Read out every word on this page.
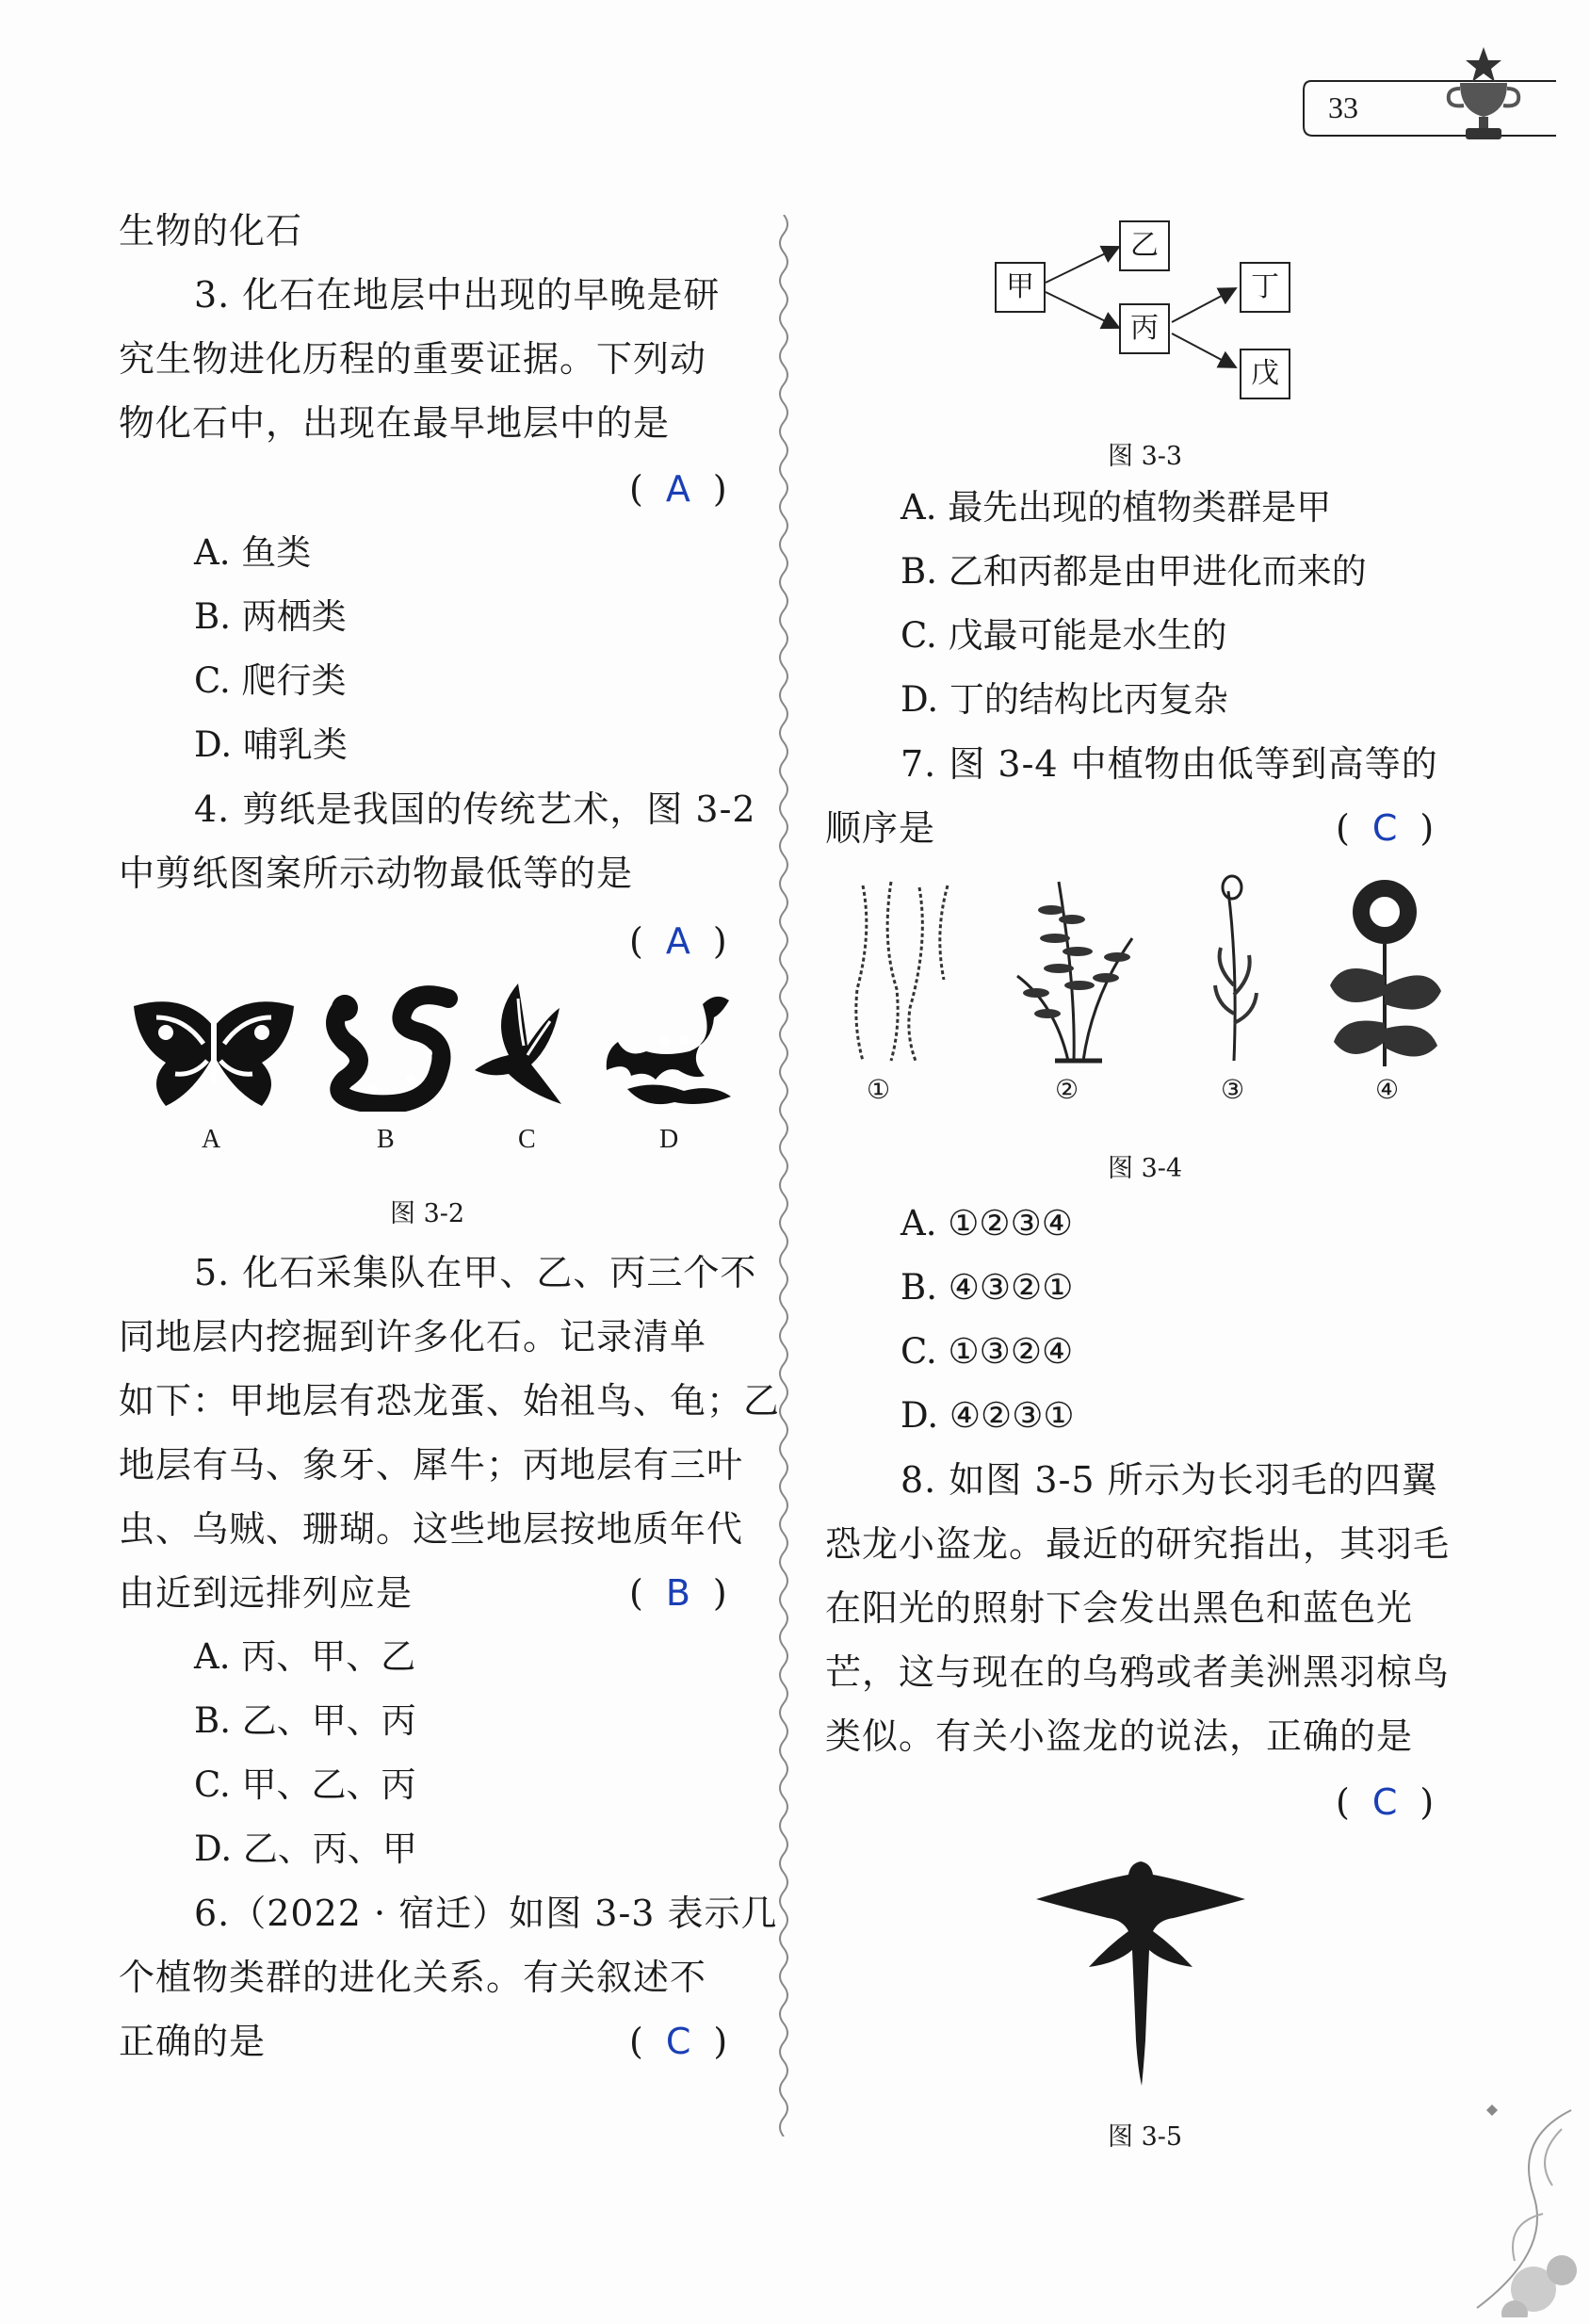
33
生物的化石
3. 化石在地层中出现的早晚是研
究生物进化历程的重要证据。下列动
物化石中，出现在最早地层中的是
( A )
A. 鱼类
B. 两栖类
C. 爬行类
D. 哺乳类
4. 剪纸是我国的传统艺术，图 3-2
中剪纸图案所示动物最低等的是
( A )
A	B	C	D
图 3-2
5. 化石采集队在甲、乙、丙三个不
同地层内挖掘到许多化石。记录清单
如下：甲地层有恐龙蛋、始祖鸟、龟；乙
地层有马、象牙、犀牛；丙地层有三叶
虫、乌贼、珊瑚。这些地层按地质年代
由近到远排列应是	( B )
A. 丙、甲、乙
B. 乙、甲、丙
C. 甲、乙、丙
D. 乙、丙、甲
6.（2022 · 宿迁）如图 3-3 表示几
个植物类群的进化关系。有关叙述不
正确的是	( C )
甲
乙
丙
丁
戊
图 3-3
A. 最先出现的植物类群是甲
B. 乙和丙都是由甲进化而来的
C. 戊最可能是水生的
D. 丁的结构比丙复杂
7. 图 3-4 中植物由低等到高等的
顺序是	( C )
①	②	③	④
图 3-4
A. ①②③④
B. ④③②①
C. ①③②④
D. ④②③①
8. 如图 3-5 所示为长羽毛的四翼
恐龙小盗龙。最近的研究指出，其羽毛
在阳光的照射下会发出黑色和蓝色光
芒，这与现在的乌鸦或者美洲黑羽椋鸟
类似。有关小盗龙的说法，正确的是
( C )
图 3-5
